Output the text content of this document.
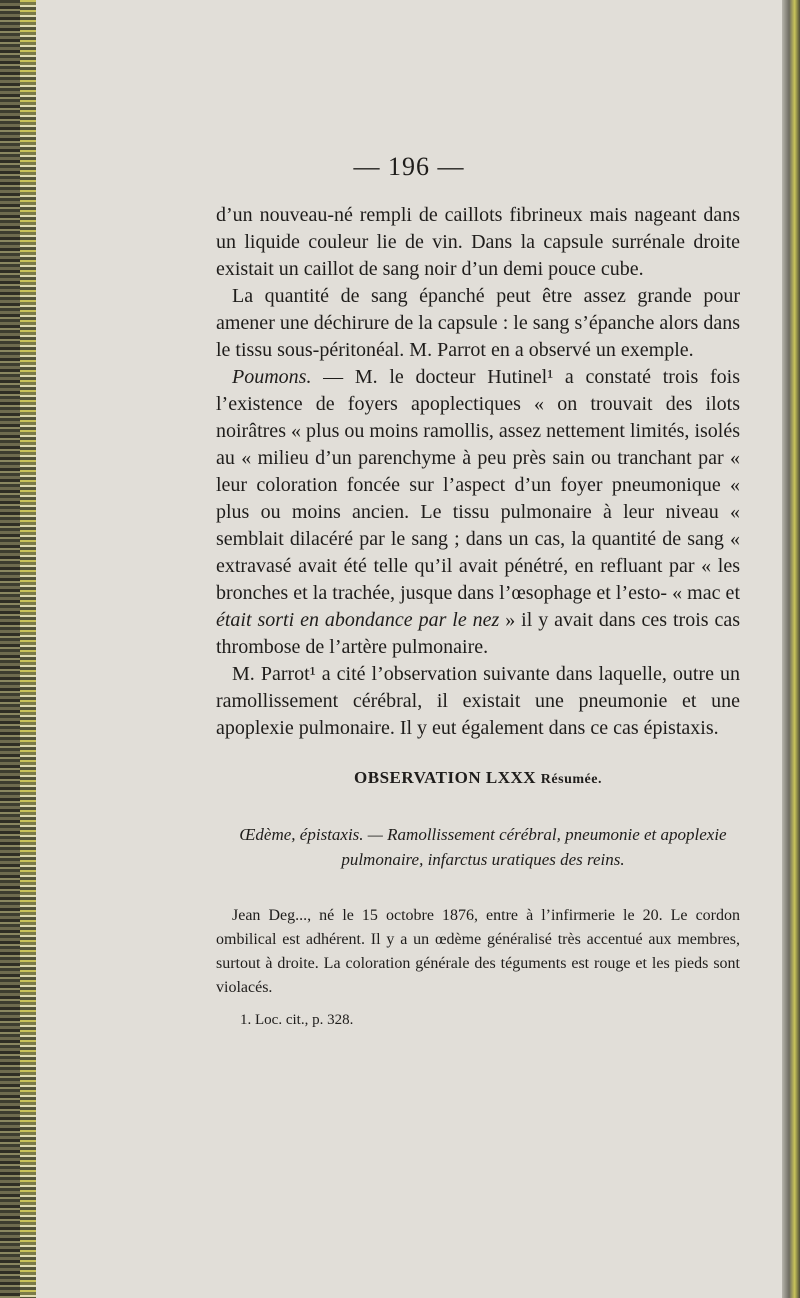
— 196 —

d’un nouveau-né rempli de caillots fibrineux mais nageant dans un liquide couleur lie de vin. Dans la capsule surrénale droite existait un caillot de sang noir d’un demi pouce cube.

La quantité de sang épanché peut être assez grande pour amener une déchirure de la capsule : le sang s’épanche alors dans le tissu sous-péritonéal. M. Parrot en a observé un exemple.

Poumons. — M. le docteur Hutinel¹ a constaté trois fois l’existence de foyers apoplectiques « on trouvait des ilots noirâtres « plus ou moins ramollis, assez nettement limités, isolés au « milieu d’un parenchyme à peu près sain ou tranchant par « leur coloration foncée sur l’aspect d’un foyer pneumonique « plus ou moins ancien. Le tissu pulmonaire à leur niveau « semblait dilacéré par le sang ; dans un cas, la quantité de sang « extravasé avait été telle qu’il avait pénétré, en refluant par « les bronches et la trachée, jusque dans l’œsophage et l’esto- « mac et était sorti en abondance par le nez » il y avait dans ces trois cas thrombose de l’artère pulmonaire.

M. Parrot¹ a cité l’observation suivante dans laquelle, outre un ramollissement cérébral, il existait une pneumonie et une apoplexie pulmonaire. Il y eut également dans ce cas épistaxis.

OBSERVATION LXXX Résumée.
Œdème, épistaxis. — Ramollissement cérébral, pneumonie et apoplexie pulmonaire, infarctus uratiques des reins.

Jean Deg..., né le 15 octobre 1876, entre à l’infirmerie le 20. Le cordon ombilical est adhérent. Il y a un œdème généralisé très accentué aux membres, surtout à droite. La coloration générale des téguments est rouge et les pieds sont violacés.

1. Loc. cit., p. 328.
